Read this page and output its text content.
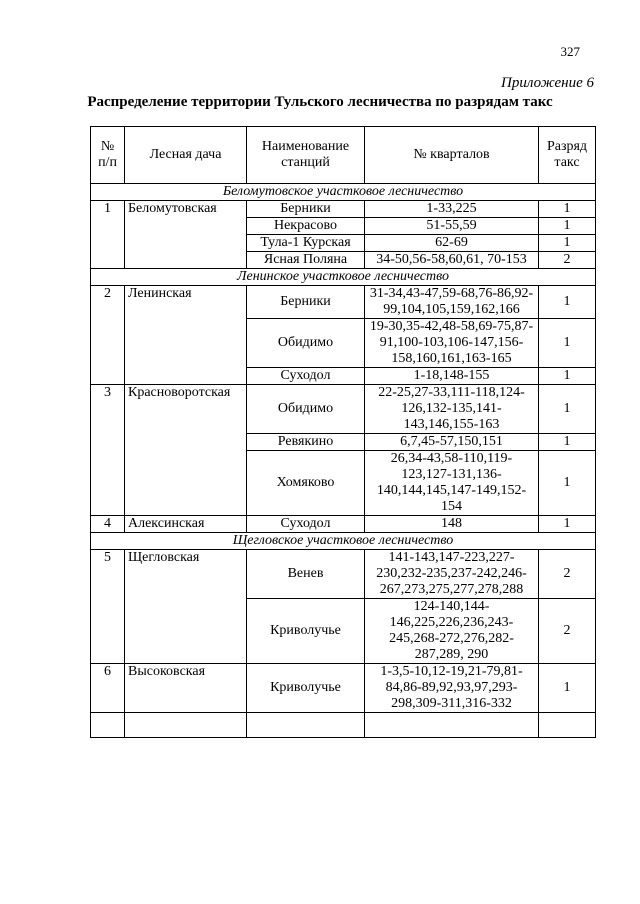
327
Приложение 6
Распределение территории Тульского лесничества по разрядам такс
№ п/п	Лесная дача	Наименование станций	№ кварталов	Разряд такс
Беломутовское участковое лесничество				
1	Беломутовская	Берники	1-33,225	1
		Некрасово	51-55,59	1
		Тула-1 Курская	62-69	1
		Ясная Поляна	34-50,56-58,60,61, 70-153	2
Ленинское участковое лесничество				
2	Ленинская	Берники	31-34,43-47,59-68,76-86,92-99,104,105,159,162,166	1
		Обидимо	19-30,35-42,48-58,69-75,87-91,100-103,106-147,156-158,160,161,163-165	1
		Суходол	1-18,148-155	1
3	Красноворотская	Обидимо	22-25,27-33,111-118,124-126,132-135,141-143,146,155-163	1
		Ревякино	6,7,45-57,150,151	1
		Хомяково	26,34-43,58-110,119-123,127-131,136-140,144,145,147-149,152-154	1
4	Алексинская	Суходол	148	1
Щегловское участковое лесничество				
5	Щегловская	Венев	141-143,147-223,227-230,232-235,237-242,246-267,273,275,277,278,288	2
		Криволучье	124-140,144-146,225,226,236,243-245,268-272,276,282-287,289, 290	2
6	Высоковская	Криволучье	1-3,5-10,12-19,21-79,81-84,86-89,92,93,97,293-298,309-311,316-332	1
